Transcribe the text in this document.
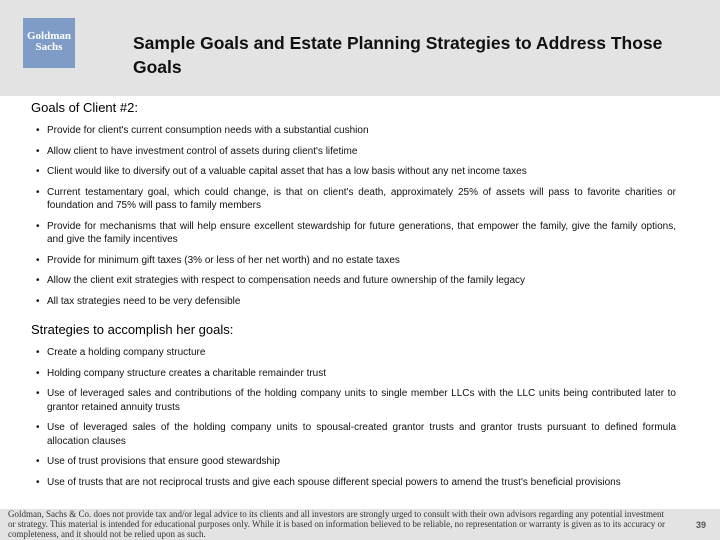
Goldman
Sachs	Sample Goals and Estate Planning Strategies to Address Those Goals
Goals of Client #2:
• Provide for client's current consumption needs with a substantial cushion
• Allow client to have investment control of assets during client's lifetime
• Client would like to diversify out of a valuable capital asset that has a low basis without any net income taxes
• Current testamentary goal, which could change, is that on client's death, approximately 25% of assets will pass to favorite charities or foundation and 75% will pass to family members
• Provide for mechanisms that will help ensure excellent stewardship for future generations, that empower the family, give the family options, and give the family incentives
• Provide for minimum gift taxes (3% or less of her net worth) and no estate taxes
• Allow the client exit strategies with respect to compensation needs and future ownership of the family legacy
• All tax strategies need to be very defensible
Strategies to accomplish her goals:
• Create a holding company structure
• Holding company structure creates a charitable remainder trust
• Use of leveraged sales and contributions of the holding company units to single member LLCs with the LLC units being contributed later to grantor retained annuity trusts
• Use of leveraged sales of the holding company units to spousal-created grantor trusts and grantor trusts pursuant to defined formula allocation clauses
• Use of trust provisions that ensure good stewardship
• Use of trusts that are not reciprocal trusts and give each spouse different special powers to amend the trust's beneficial provisions
Goldman, Sachs & Co. does not provide tax and/or legal advice to its clients and all investors are strongly urged to consult with their own advisors regarding any potential investment or strategy. This material is intended for educational purposes only. While it is based on information believed to be reliable, no representation or warranty is given as to its accuracy or completeness, and it should not be relied upon as such.
39
